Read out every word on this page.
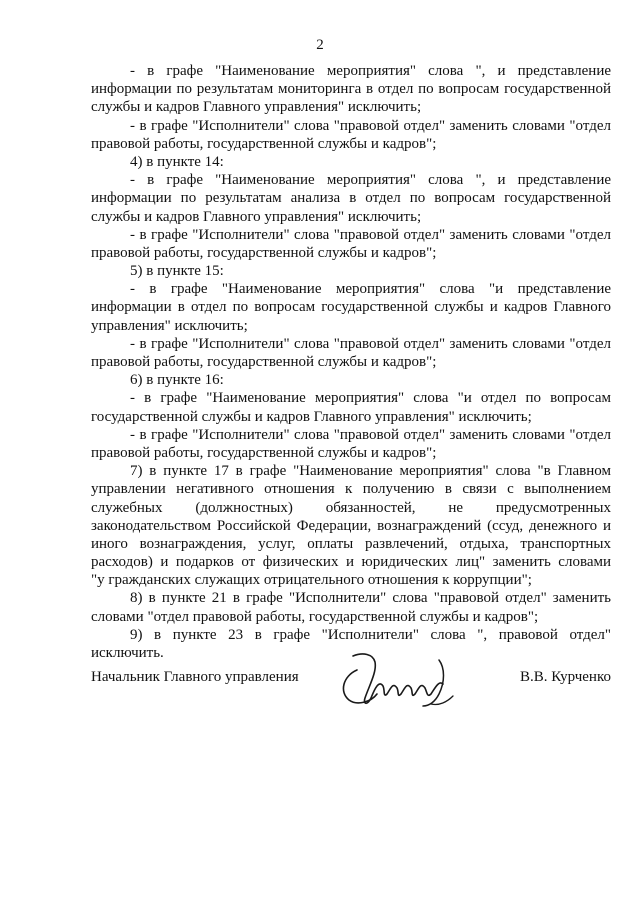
2
- в графе "Наименование мероприятия" слова ", и представление
информации по результатам мониторинга в отдел по вопросам государственной
службы и кадров Главного управления" исключить;
- в графе "Исполнители" слова "правовой отдел" заменить словами "отдел
правовой работы, государственной службы и кадров";
4) в пункте 14:
- в графе "Наименование мероприятия" слова ", и представление
информации по результатам анализа в отдел по вопросам государственной
службы и кадров Главного управления" исключить;
- в графе "Исполнители" слова "правовой отдел" заменить словами "отдел
правовой работы, государственной службы и кадров";
5) в пункте 15:
- в графе "Наименование мероприятия" слова "и представление
информации в отдел по вопросам государственной службы и кадров Главного
управления" исключить;
- в графе "Исполнители" слова "правовой отдел" заменить словами "отдел
правовой работы, государственной службы и кадров";
6) в пункте 16:
- в графе "Наименование мероприятия" слова "и отдел по вопросам
государственной службы и кадров Главного управления" исключить;
- в графе "Исполнители" слова "правовой отдел" заменить словами "отдел
правовой работы, государственной службы и кадров";
7) в пункте 17 в графе "Наименование мероприятия" слова "в Главном
управлении негативного отношения к получению в связи с выполнением
служебных (должностных) обязанностей, не предусмотренных
законодательством Российской Федерации, вознаграждений (ссуд, денежного и
иного вознаграждения, услуг, оплаты развлечений, отдыха, транспортных
расходов) и подарков от физических и юридических лиц" заменить словами
"у гражданских служащих отрицательного отношения к коррупции";
8) в пункте 21 в графе "Исполнители" слова "правовой отдел" заменить
словами "отдел правовой работы, государственной службы и кадров";
9) в пункте 23 в графе "Исполнители" слова ", правовой отдел"
исключить.
Начальник Главного управления	В.В. Курченко
